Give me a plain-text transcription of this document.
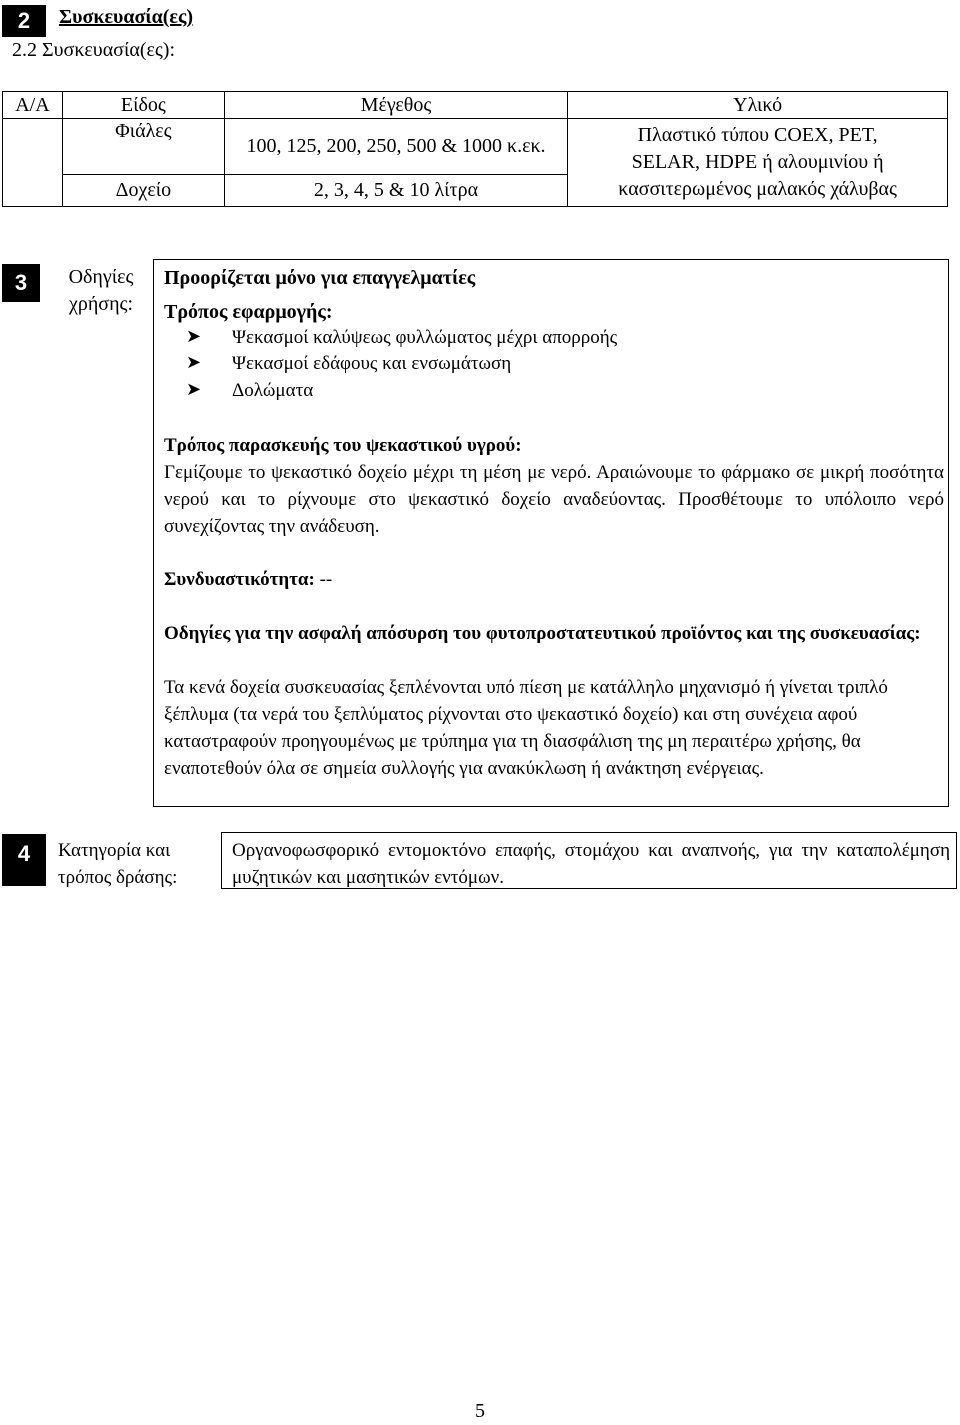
2	Συσκευασία(ες)
2.2 Συσκευασία(ες):
Α/Α	Είδος	Μέγεθος	Υλικό
	Φιάλες	100, 125, 200, 250, 500 & 1000 κ.εκ.	Πλαστικό τύπου COEX, PET, SELAR, HDPE ή αλουμινίου ή κασσιτερωμένος μαλακός χάλυβας
	Δοχείο	2, 3, 4, 5 & 10 λίτρα	
3	Οδηγίες χρήσης:
Προορίζεται μόνο για επαγγελματίες
Τρόπος εφαρμογής:
➤ Ψεκασμοί καλύψεως φυλλώματος μέχρι απορροής
➤ Ψεκασμοί εδάφους και ενσωμάτωση
➤ Δολώματα
Τρόπος παρασκευής του ψεκαστικού υγρού:
Γεμίζουμε το ψεκαστικό δοχείο μέχρι τη μέση με νερό. Αραιώνουμε το φάρμακο σε μικρή ποσότητα νερού και το ρίχνουμε στο ψεκαστικό δοχείο αναδεύοντας. Προσθέτουμε το υπόλοιπο νερό συνεχίζοντας την ανάδευση.
Συνδυαστικότητα: --
Οδηγίες για την ασφαλή απόσυρση του φυτοπροστατευτικού προϊόντος και της συσκευασίας:
Τα κενά δοχεία συσκευασίας ξεπλένονται υπό πίεση με κατάλληλο μηχανισμό ή γίνεται τριπλό ξέπλυμα (τα νερά του ξεπλύματος ρίχνονται στο ψεκαστικό δοχείο) και στη συνέχεια αφού καταστραφούν προηγουμένως με τρύπημα για τη διασφάλιση της μη περαιτέρω χρήσης, θα εναποτεθούν όλα σε σημεία συλλογής για ανακύκλωση ή ανάκτηση ενέργειας.
4	Κατηγορία και τρόπος δράσης:
Οργανοφωσφορικό εντομοκτόνο επαφής, στομάχου και αναπνοής, για την καταπολέμηση μυζητικών και μασητικών εντόμων.
5
